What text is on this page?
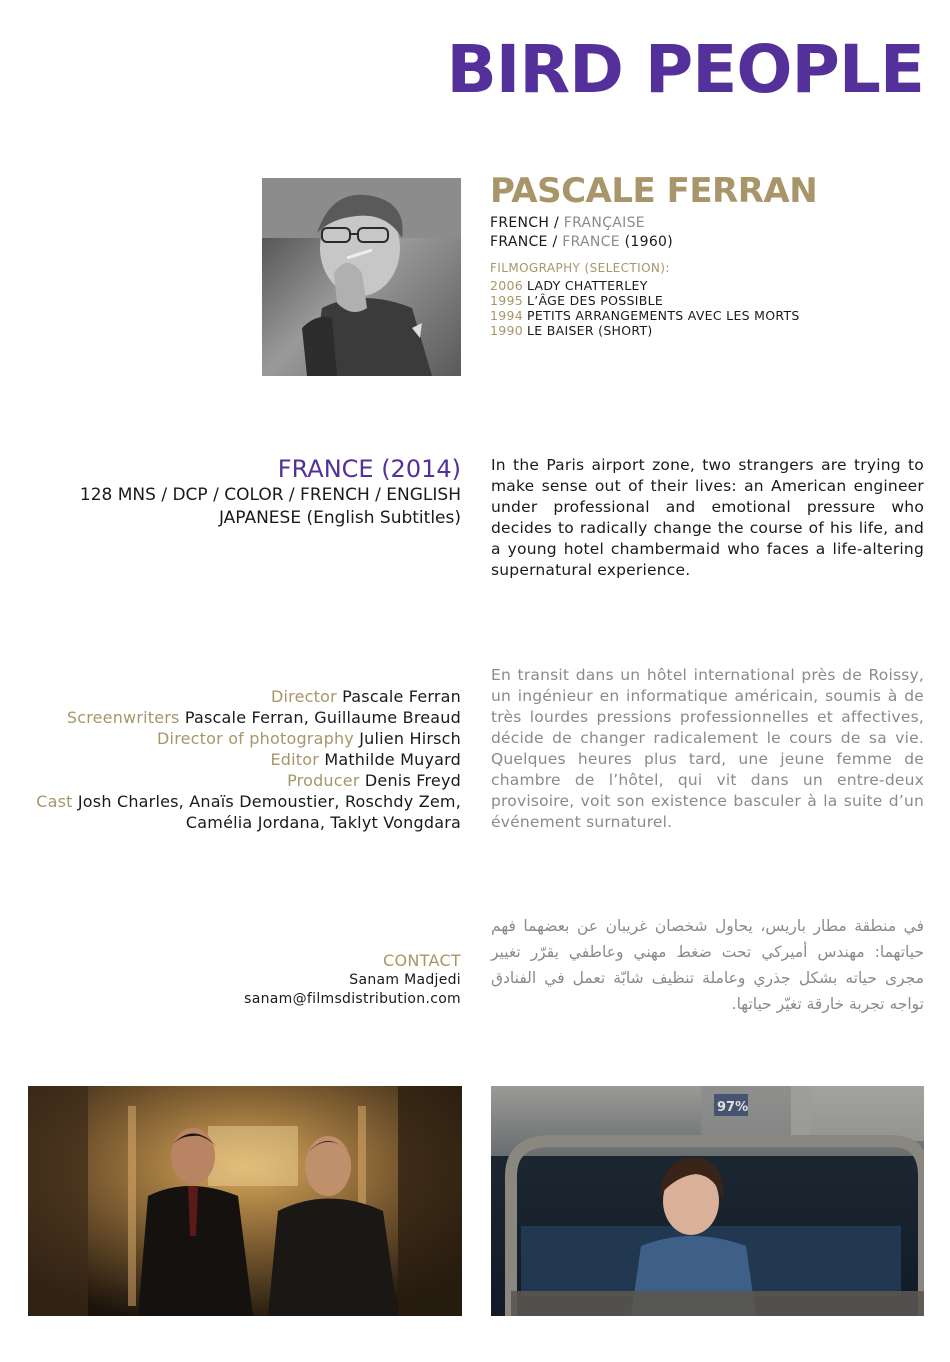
BIRD PEOPLE
PASCALE FERRAN
FRENCH / FRANÇAISE
FRANCE / FRANCE (1960)
FILMOGRAPHY (SELECTION):
2006 LADY CHATTERLEY
1995 L’ÂGE DES POSSIBLE
1994 PETITS ARRANGEMENTS AVEC LES MORTS
1990 LE BAISER (SHORT)
FRANCE (2014)
128 MNS / DCP / COLOR / FRENCH / ENGLISH
JAPANESE (English Subtitles)
In the Paris airport zone, two strangers are trying to make sense out of their lives: an American engineer under professional and emotional pressure who decides to radically change the course of his life, and a young hotel chambermaid who faces a life-altering supernatural experience.
En transit dans un hôtel international près de Roissy, un ingénieur en informatique américain, soumis à de très lourdes pressions professionnelles et affectives, décide de changer radicalement le cours de sa vie. Quelques heures plus tard, une jeune femme de chambre de l’hôtel, qui vit dans un entre-deux provisoire, voit son existence basculer à la suite d’un événement surnaturel.
في منطقة مطار باريس، يحاول شخصان غريبان عن بعضهما فهم حياتهما: مهندس أميركي تحت ضغط مهني وعاطفي يقرّر تغيير مجرى حياته بشكل جذري وعاملة تنظيف شابّة تعمل في الفنادق تواجه تجربة خارقة تغيّر حياتها.
Director Pascale Ferran
Screenwriters Pascale Ferran, Guillaume Breaud
Director of photography Julien Hirsch
Editor Mathilde Muyard
Producer Denis Freyd
Cast Josh Charles, Anaïs Demoustier, Roschdy Zem,
Camélia Jordana, Taklyt Vongdara
CONTACT
Sanam Madjedi
sanam@filmsdistribution.com
97%
